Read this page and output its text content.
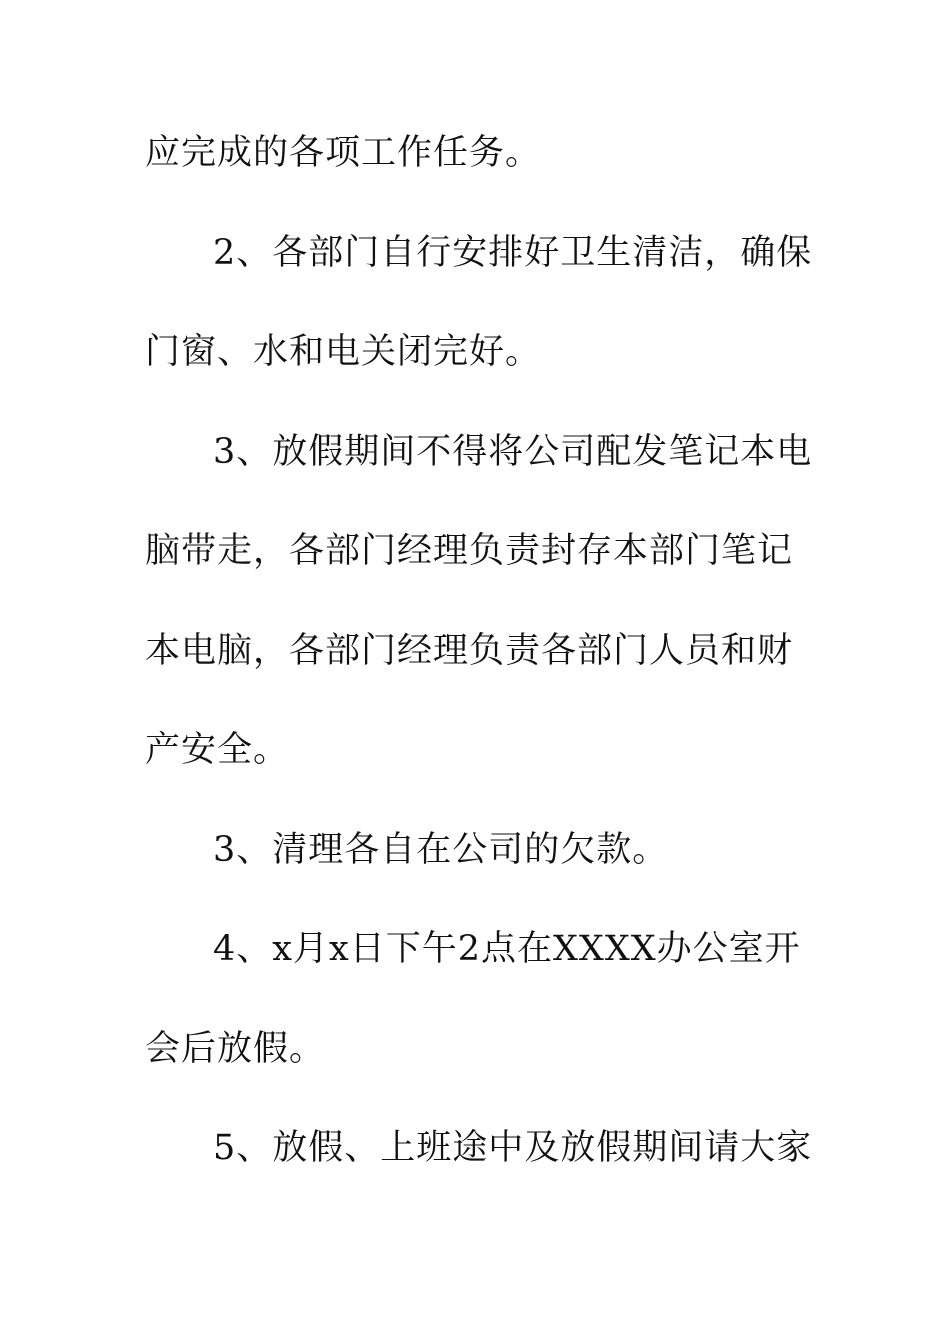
应完成的各项工作任务。
2、各部门自行安排好卫生清洁，确保
门窗、水和电关闭完好。
3、放假期间不得将公司配发笔记本电
脑带走，各部门经理负责封存本部门笔记
本电脑，各部门经理负责各部门人员和财
产安全。
3、清理各自在公司的欠款。
4、x月x日下午2点在XXXX办公室开
会后放假。
5、放假、上班途中及放假期间请大家
